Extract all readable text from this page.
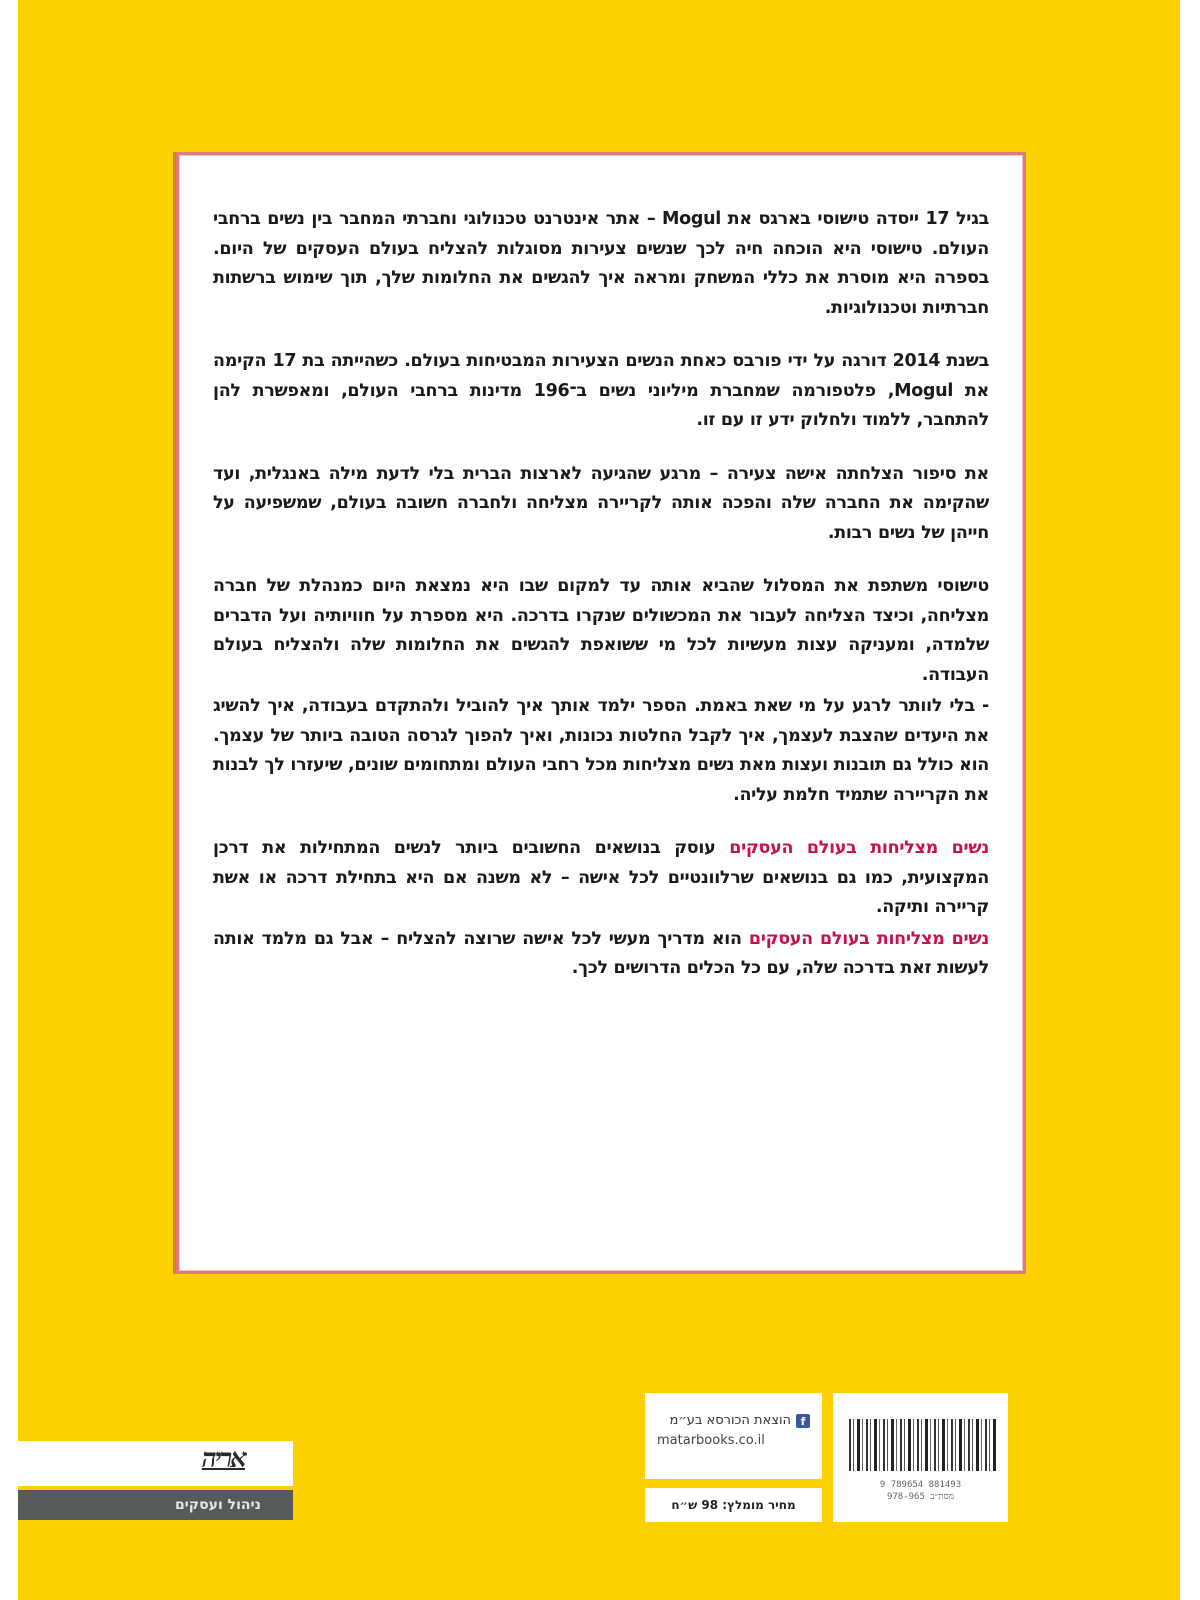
בגיל 17 ייסדה טישוסי בארגס את Mogul – אתר אינטרנט טכנולוגי וחברתי המחבר בין נשים ברחבי העולם. טישוסי היא הוכחה חיה לכך שנשים צעירות מסוגלות להצליח בעולם העסקים של היום. בספרה היא מוסרת את כללי המשחק ומראה איך להגשים את החלומות שלך, תוך שימוש ברשתות חברתיות וטכנולוגיות.

בשנת 2014 דורגה על ידי פורבס כאחת הנשים הצעירות המבטיחות בעולם. כשהייתה בת 17 הקימה את Mogul, פלטפורמה שמחברת מיליוני נשים ב־196 מדינות ברחבי העולם, ומאפשרת להן להתחבר, ללמוד ולחלוק ידע זו עם זו.

את סיפור הצלחתה אישה צעירה – מרגע שהגיעה לארצות הברית בלי לדעת מילה באנגלית, ועד שהקימה את החברה שלה והפכה אותה לקריירה מצליחה ולחברה חשובה בעולם, שמשפיעה על חייהן של נשים רבות.

טישוסי משתפת את המסלול שהביא אותה עד למקום שבו היא נמצאת היום כמנהלת של חברה מצליחה, וכיצד הצליחה לעבור את המכשולים שנקרו בדרכה. היא מספרת על חוויותיה ועל הדברים שלמדה, ומעניקה עצות מעשיות לכל מי ששואפת להגשים את החלומות שלה ולהצליח בעולם העבודה.

- בלי לוותר לרגע על מי שאת באמת. הספר ילמד אותך איך להוביל ולהתקדם בעבודה, איך להשיג את היעדים שהצבת לעצמך, איך לקבל החלטות נכונות, ואיך להפוך לגרסה הטובה ביותר של עצמך. הוא כולל גם תובנות ועצות מאת נשים מצליחות מכל רחבי העולם ומתחומים שונים, שיעזרו לך לבנות את הקריירה שתמיד חלמת עליה.

נשים מצליחות בעולם העסקים עוסק בנושאים החשובים ביותר לנשים המתחילות את דרכן המקצועית, כמו גם בנושאים שרלוונטיים לכל אישה – לא משנה אם היא בתחילת דרכה או אשת קריירה ותיקה.

נשים מצליחות בעולם העסקים הוא מדריך מעשי לכל אישה שרוצה להצליח – אבל גם מלמד אותה לעשות זאת בדרכה שלה, עם כל הכלים הדרושים לכך.

אריה
ניהול ועסקים
הוצאת הכורסא בע״מ f
matarbooks.co.il
מחיר מומלץ: 98 ש״ח
9 789654 881493
מסת״ב 978-965
